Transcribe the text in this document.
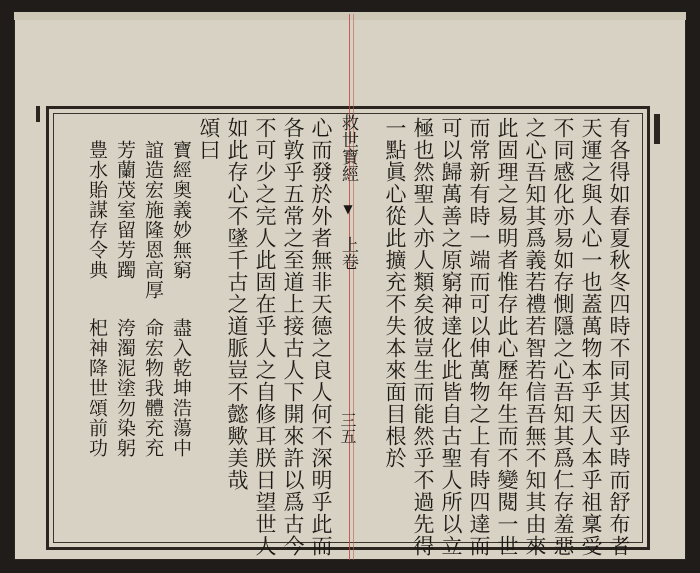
有各得如春夏秋冬四時不同其因乎時而舒布者
天運之與人心一也蓋萬物本乎天人本乎祖稟受
不同感化亦易如存惻隱之心吾知其爲仁存羞惡
之心吾知其爲義若禮若智若信吾無不知其由來
此固理之易明者惟存此心歷年生而不變閱一世
而常新有時一端而可以伸萬物之上有時四達而
可以歸萬善之原窮神達化此皆自古聖人所以立
極也然聖人亦人類矣彼豈生而能然乎不過先得
一點眞心從此擴充不失本來面目根於
救世寶經 ▼ 上卷
三五
心而發於外者無非天德之良人何不深明乎此而
各敦乎五常之至道上接古人下開來許以爲古今
不可少之完人此固在乎人之自修耳朕日望世人
如此存心不墜千古之道脈豈不懿歟美哉
頌曰
寶經奥義妙無窮
誼造宏施隆恩高厚
芳蘭茂室留芳躅
豊水貽謀存令典
盡入乾坤浩蕩中
命宏物我體充充
洿濁泥塗勿染躬
𣏌神降世頌前功
